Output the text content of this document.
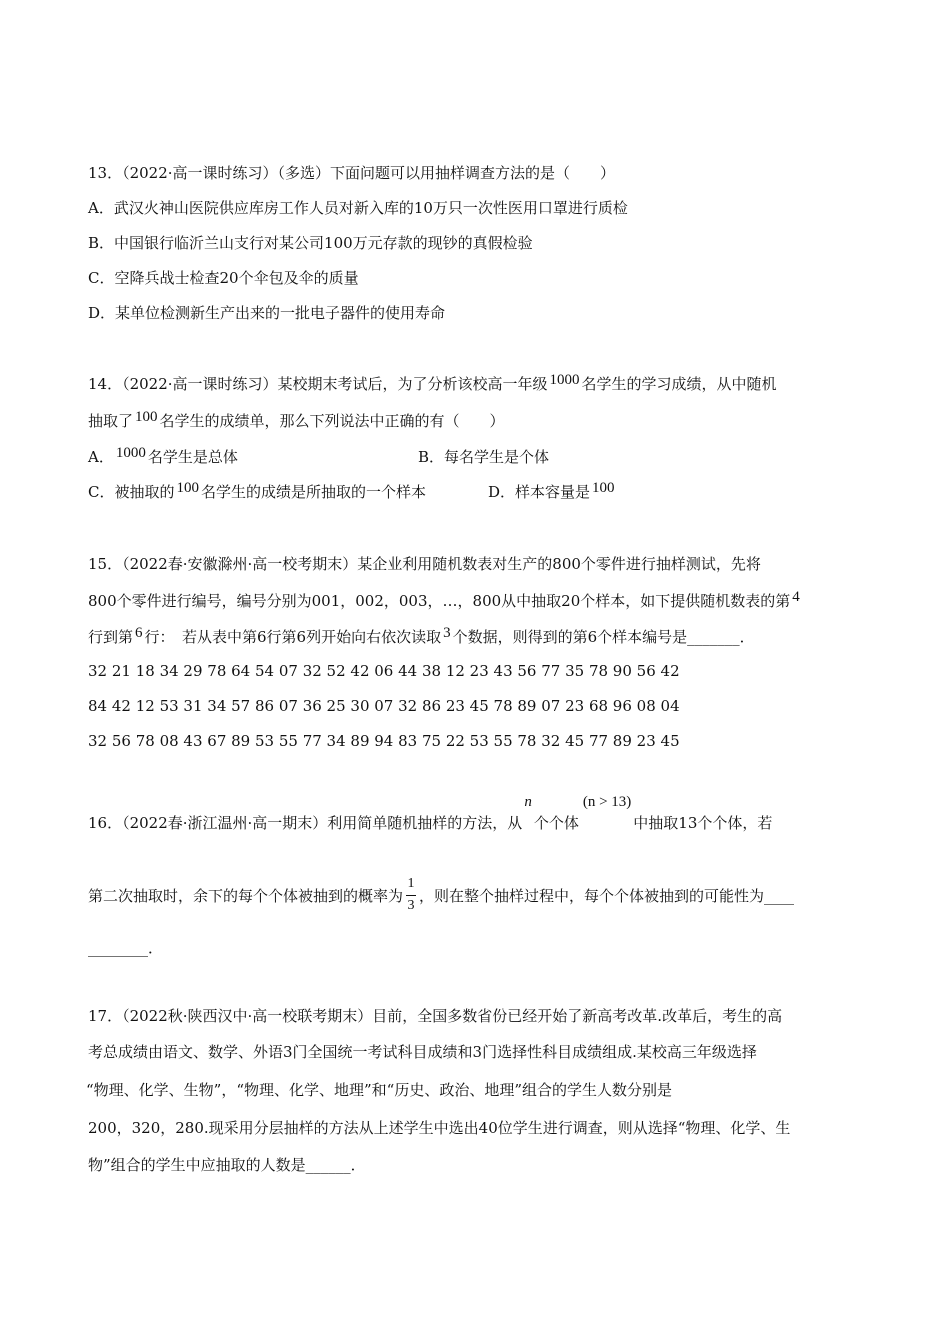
13．（2022·高一课时练习）（多选）下面问题可以用抽样调查方法的是（　　）
A．武汉火神山医院供应库房工作人员对新入库的10万只一次性医用口罩进行质检
B．中国银行临沂兰山支行对某公司100万元存款的现钞的真假检验
C．空降兵战士检查20个伞包及伞的质量
D．某单位检测新生产出来的一批电子器件的使用寿命
14．（2022·高一课时练习）某校期末考试后，为了分析该校高一年级 1000 名学生的学习成绩，从中随机
抽取了 100 名学生的成绩单，那么下列说法中正确的有（　　）
A． 1000 名学生是总体	B．每名学生是个体
C．被抽取的 100 名学生的成绩是所抽取的一个样本	D．样本容量是 100
15．（2022春·安徽滁州·高一校考期末）某企业利用随机数表对生产的800个零件进行抽样测试，先将
800个零件进行编号，编号分别为001，002，003，…，800从中抽取20个样本，如下提供随机数表的第 4
行到第 6 行：　若从表中第6行第6列开始向右依次读取 3 个数据，则得到的第6个样本编号是_______．
32 21 18 34 29 78 64 54 07 32 52 42 06 44 38 12 23 43 56 77 35 78 90 56 42
84 42 12 53 31 34 57 86 07 36 25 30 07 32 86 23 45 78 89 07 23 68 96 08 04
32 56 78 08 43 67 89 53 55 77 34 89 94 83 75 22 53 55 78 32 45 77 89 23 45
16．（2022春·浙江温州·高一期末）利用简单随机抽样的方法，从n个个体(n > 13)中抽取13个个体，若
第二次抽取时，余下的每个个体被抽到的概率为 $\frac{1}{3}$ ，则在整个抽样过程中，每个个体被抽到的可能性为____
________．
17．（2022秋·陕西汉中·高一校联考期末）目前，全国多数省份已经开始了新高考改革.改革后，考生的高
考总成绩由语文、数学、外语3门全国统一考试科目成绩和3门选择性科目成绩组成.某校高三年级选择
“物理、化学、生物”，“物理、化学、地理”和“历史、政治、地理”组合的学生人数分别是
200，320，280.现采用分层抽样的方法从上述学生中选出40位学生进行调查，则从选择“物理、化学、生
物”组合的学生中应抽取的人数是______．
